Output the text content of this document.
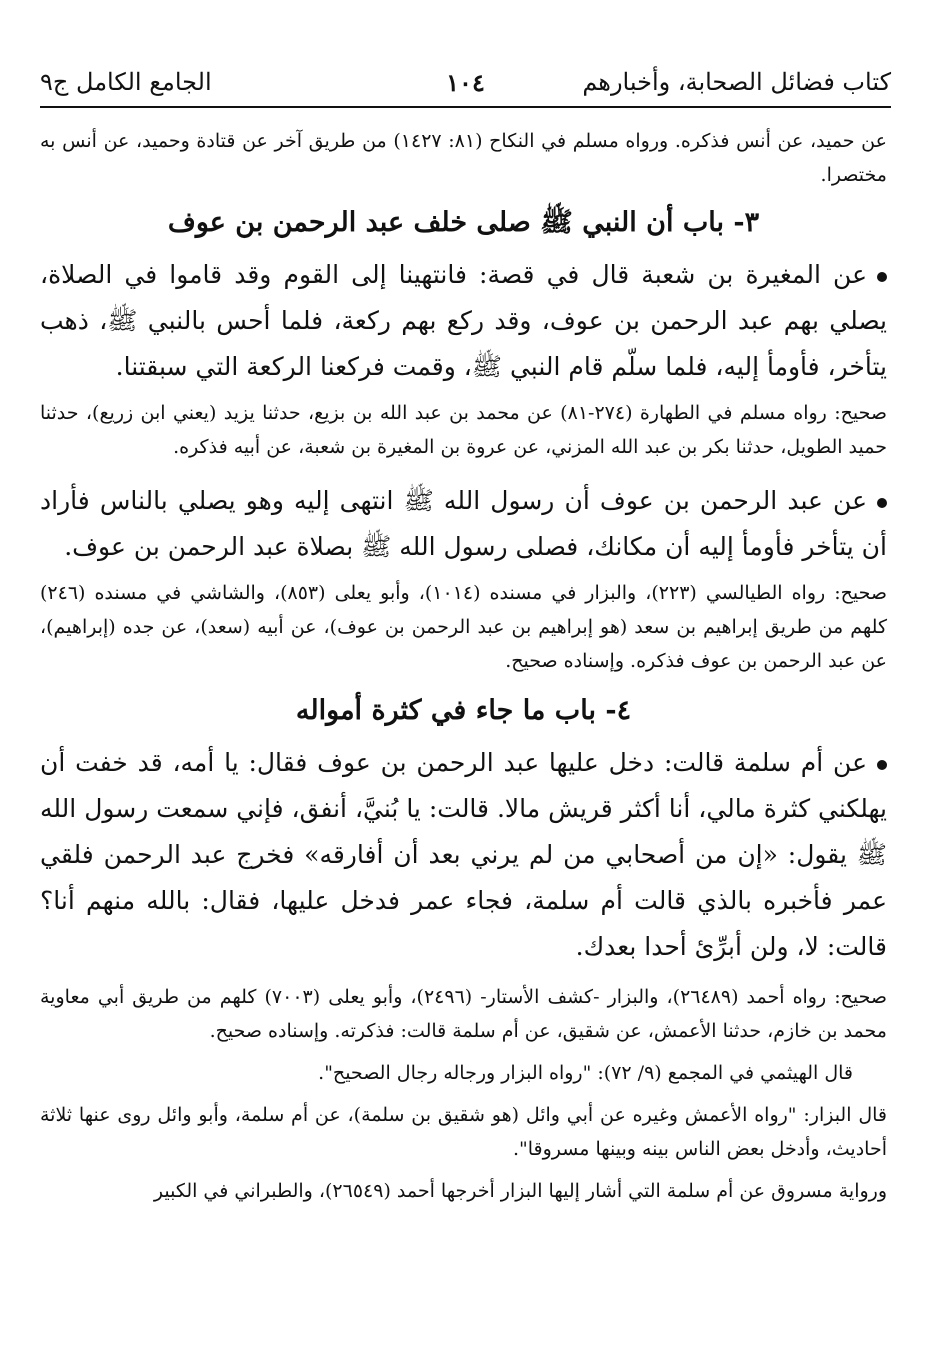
كتاب فضائل الصحابة، وأخبارهم
١٠٤
الجامع الكامل ج٩

عن حميد، عن أنس فذكره. ورواه مسلم في النكاح (٨١: ١٤٢٧) من طريق آخر عن قتادة وحميد، عن أنس به مختصرا.

٣- باب أن النبي ﷺ صلى خلف عبد الرحمن بن عوف

عن المغيرة بن شعبة قال في قصة: فانتهينا إلى القوم وقد قاموا في الصلاة، يصلي بهم عبد الرحمن بن عوف، وقد ركع بهم ركعة، فلما أحس بالنبي ﷺ، ذهب يتأخر، فأومأ إليه، فلما سلّم قام النبي ﷺ، وقمت فركعنا الركعة التي سبقتنا.

صحيح: رواه مسلم في الطهارة (٢٧٤-٨١) عن محمد بن عبد الله بن بزيع، حدثنا يزيد (يعني ابن زريع)، حدثنا حميد الطويل، حدثنا بكر بن عبد الله المزني، عن عروة بن المغيرة بن شعبة، عن أبيه فذكره.

عن عبد الرحمن بن عوف أن رسول الله ﷺ انتهى إليه وهو يصلي بالناس فأراد أن يتأخر فأومأ إليه أن مكانك، فصلى رسول الله ﷺ بصلاة عبد الرحمن بن عوف.

صحيح: رواه الطيالسي (٢٢٣)، والبزار في مسنده (١٠١٤)، وأبو يعلى (٨٥٣)، والشاشي في مسنده (٢٤٦) كلهم من طريق إبراهيم بن سعد (هو إبراهيم بن عبد الرحمن بن عوف)، عن أبيه (سعد)، عن جده (إبراهيم)، عن عبد الرحمن بن عوف فذكره. وإسناده صحيح.

٤- باب ما جاء في كثرة أمواله

عن أم سلمة قالت: دخل عليها عبد الرحمن بن عوف فقال: يا أمه، قد خفت أن يهلكني كثرة مالي، أنا أكثر قريش مالا. قالت: يا بُنيَّ، أنفق، فإني سمعت رسول الله ﷺ يقول: «إن من أصحابي من لم يرني بعد أن أفارقه» فخرج عبد الرحمن فلقي عمر فأخبره بالذي قالت أم سلمة، فجاء عمر فدخل عليها، فقال: بالله منهم أنا؟ قالت: لا، ولن أبرِّئ أحدا بعدك.

صحيح: رواه أحمد (٢٦٤٨٩)، والبزار -كشف الأستار- (٢٤٩٦)، وأبو يعلى (٧٠٠٣) كلهم من طريق أبي معاوية محمد بن خازم، حدثنا الأعمش، عن شقيق، عن أم سلمة قالت: فذكرته. وإسناده صحيح.

قال الهيثمي في المجمع (٩/ ٧٢): "رواه البزار ورجاله رجال الصحيح".

قال البزار: "رواه الأعمش وغيره عن أبي وائل (هو شقيق بن سلمة)، عن أم سلمة، وأبو وائل روى عنها ثلاثة أحاديث، وأدخل بعض الناس بينه وبينها مسروقا".

ورواية مسروق عن أم سلمة التي أشار إليها البزار أخرجها أحمد (٢٦٥٤٩)، والطبراني في الكبير
